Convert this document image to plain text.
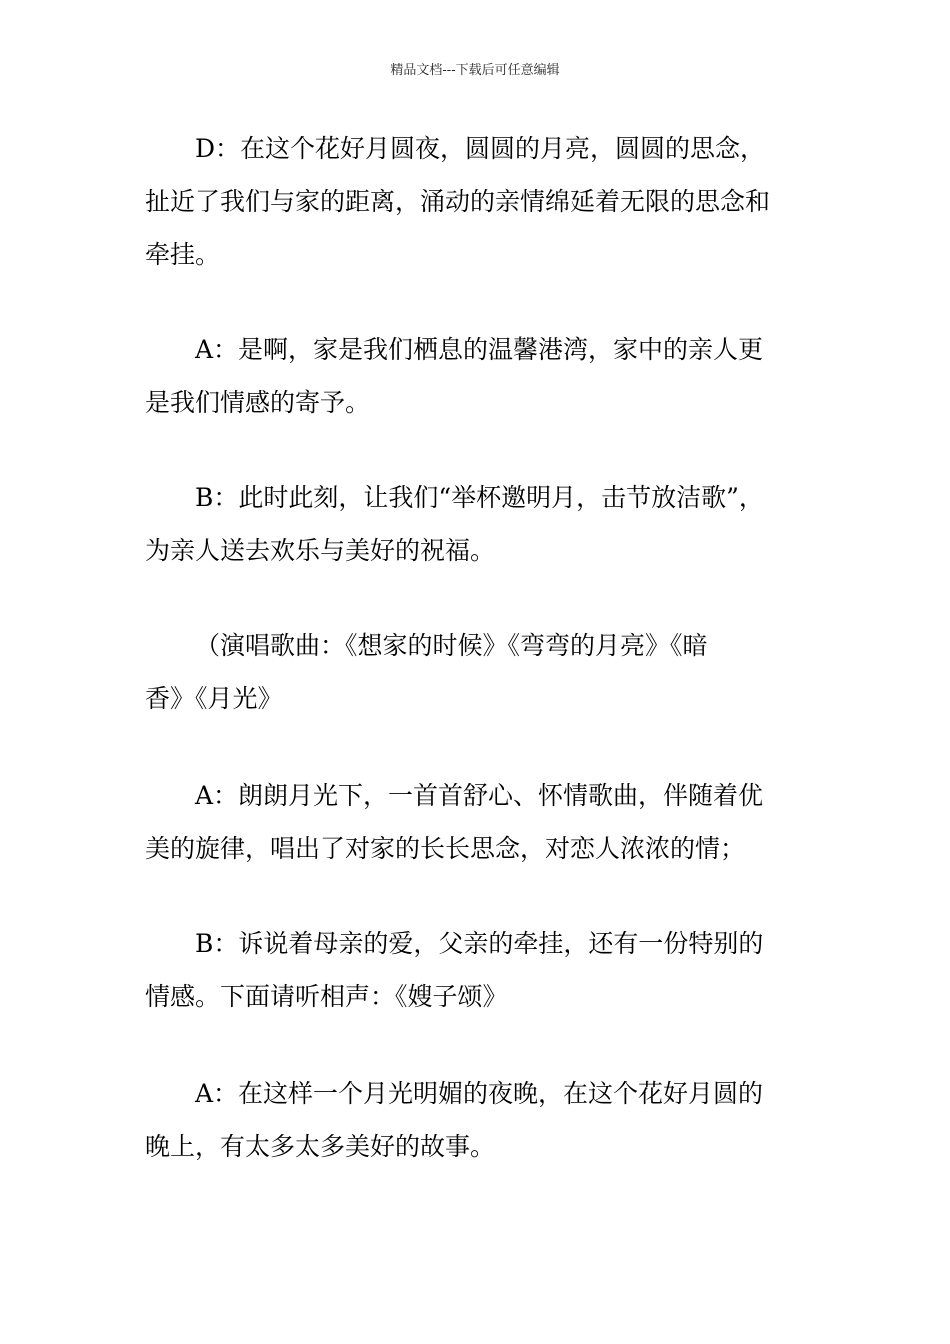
精品文档---下载后可任意编辑
D：在这个花好月圆夜，圆圆的月亮，圆圆的思念，
扯近了我们与家的距离，涌动的亲情绵延着无限的思念和
牵挂。
A：是啊，家是我们栖息的温馨港湾，家中的亲人更
是我们情感的寄予。
B：此时此刻，让我们“举杯邀明月，击节放洁歌”，
为亲人送去欢乐与美好的祝福。
（演唱歌曲：《想家的时候》《弯弯的月亮》《暗
香》《月光》
A：朗朗月光下，一首首舒心、怀情歌曲，伴随着优
美的旋律，唱出了对家的长长思念，对恋人浓浓的情；
B：诉说着母亲的爱，父亲的牵挂，还有一份特别的
情感。下面请听相声：《嫂子颂》
A：在这样一个月光明媚的夜晚，在这个花好月圆的
晚上，有太多太多美好的故事。
